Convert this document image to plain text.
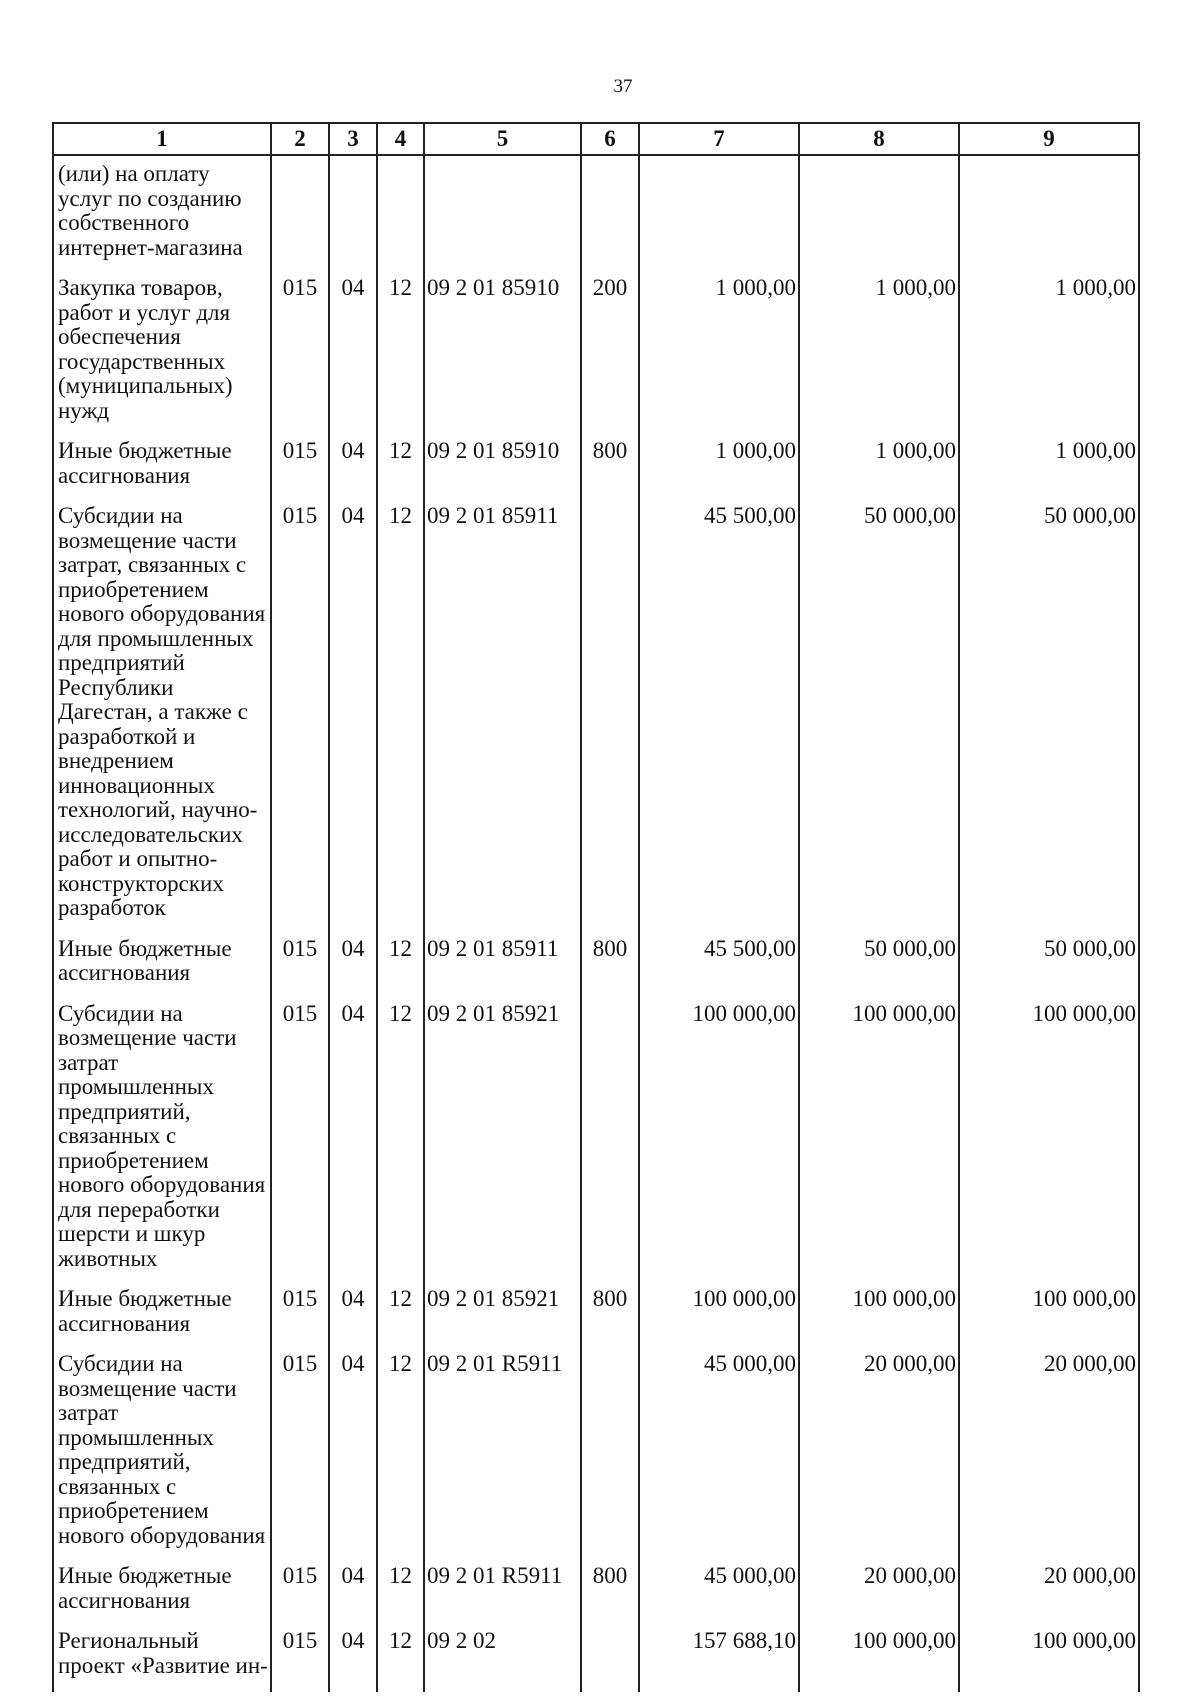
37
1	2	3	4	5	6	7	8	9
(или) на оплату услуг по созданию собственного интернет-магазина								
Закупка товаров, работ и услуг для обеспечения государственных (муниципальных) нужд	015	04	12	09 2 01 85910	200	1 000,00	1 000,00	1 000,00
Иные бюджетные ассигнования	015	04	12	09 2 01 85910	800	1 000,00	1 000,00	1 000,00
Субсидии на возмещение части затрат, связанных с приобретением нового оборудования для промышленных предприятий Республики Дагестан, а также с разработкой и внедрением инновационных технологий, научно-исследовательских работ и опытно-конструкторских разработок	015	04	12	09 2 01 85911		45 500,00	50 000,00	50 000,00
Иные бюджетные ассигнования	015	04	12	09 2 01 85911	800	45 500,00	50 000,00	50 000,00
Субсидии на возмещение части затрат промышленных предприятий, связанных с приобретением нового оборудования для переработки шерсти и шкур животных	015	04	12	09 2 01 85921		100 000,00	100 000,00	100 000,00
Иные бюджетные ассигнования	015	04	12	09 2 01 85921	800	100 000,00	100 000,00	100 000,00
Субсидии на возмещение части затрат промышленных предприятий, связанных с приобретением нового оборудования	015	04	12	09 2 01 R5911		45 000,00	20 000,00	20 000,00
Иные бюджетные ассигнования	015	04	12	09 2 01 R5911	800	45 000,00	20 000,00	20 000,00
Региональный проект «Развитие ин-	015	04	12	09 2 02		157 688,10	100 000,00	100 000,00
